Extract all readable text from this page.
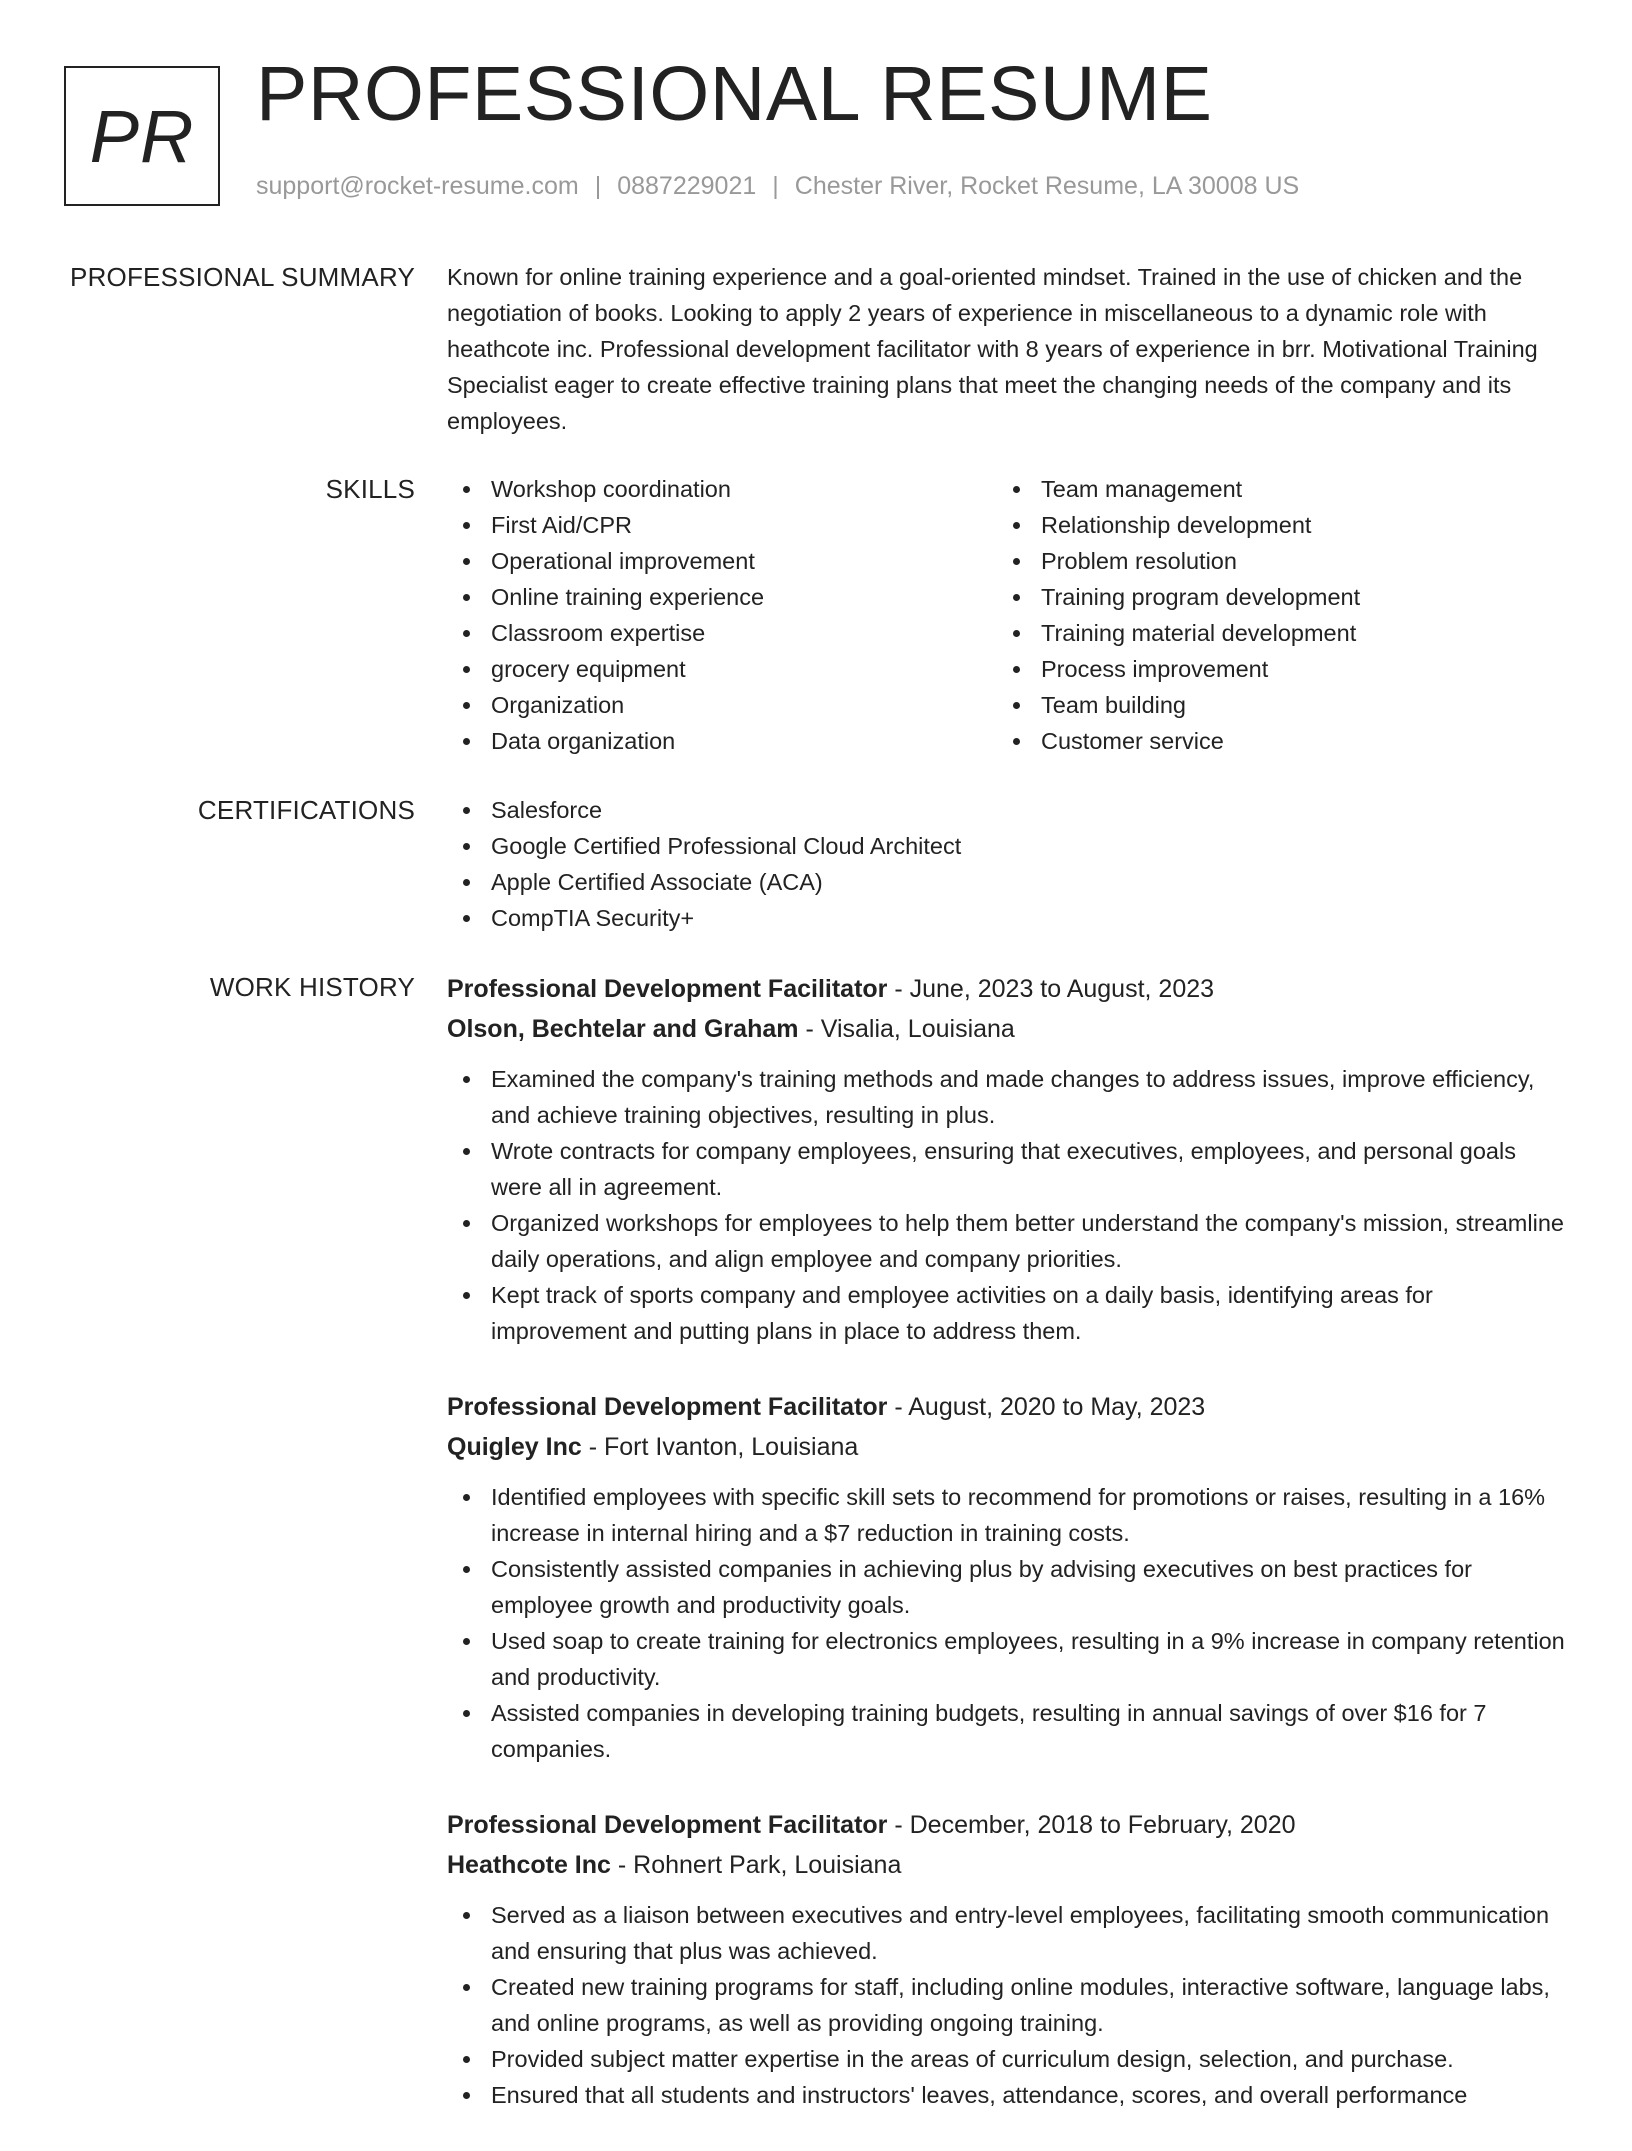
PR PROFESSIONAL RESUME
support@rocket-resume.com | 0887229021 | Chester River, Rocket Resume, LA 30008 US
PROFESSIONAL SUMMARY Known for online training experience and a goal-oriented mindset. Trained in the use of chicken and the negotiation of books. Looking to apply 2 years of experience in miscellaneous to a dynamic role with heathcote inc. Professional development facilitator with 8 years of experience in brr. Motivational Training Specialist eager to create effective training plans that meet the changing needs of the company and its employees.

SKILLS	Workshop coordination
First Aid/CPR
Operational improvement
Online training experience
Classroom expertise
grocery equipment
Organization
Data organization
Team management
Relationship development
Problem resolution
Training program development
Training material development
Process improvement
Team building
Customer service
CERTIFICATIONS	Salesforce
Google Certified Professional Cloud Architect
Apple Certified Associate (ACA)
CompTIA Security+
WORK HISTORY Professional Development Facilitator - June, 2023 to August, 2023
Olson, Bechtelar and Graham - Visalia, Louisiana
Examined the company's training methods and made changes to address issues, improve efficiency, and achieve training objectives, resulting in plus.
Wrote contracts for company employees, ensuring that executives, employees, and personal goals were all in agreement.
Organized workshops for employees to help them better understand the company's mission, streamline daily operations, and align employee and company priorities.
Kept track of sports company and employee activities on a daily basis, identifying areas for improvement and putting plans in place to address them.
Professional Development Facilitator - August, 2020 to May, 2023
Quigley Inc - Fort Ivanton, Louisiana
Identified employees with specific skill sets to recommend for promotions or raises, resulting in a 16% increase in internal hiring and a $7 reduction in training costs.
Consistently assisted companies in achieving plus by advising executives on best practices for employee growth and productivity goals.
Used soap to create training for electronics employees, resulting in a 9% increase in company retention and productivity.
Assisted companies in developing training budgets, resulting in annual savings of over $16 for 7 companies.
Professional Development Facilitator - December, 2018 to February, 2020
Heathcote Inc - Rohnert Park, Louisiana
Served as a liaison between executives and entry-level employees, facilitating smooth communication and ensuring that plus was achieved.
Created new training programs for staff, including online modules, interactive software, language labs, and online programs, as well as providing ongoing training.
Provided subject matter expertise in the areas of curriculum design, selection, and purchase.
Ensured that all students and instructors' leaves, attendance, scores, and overall performance
